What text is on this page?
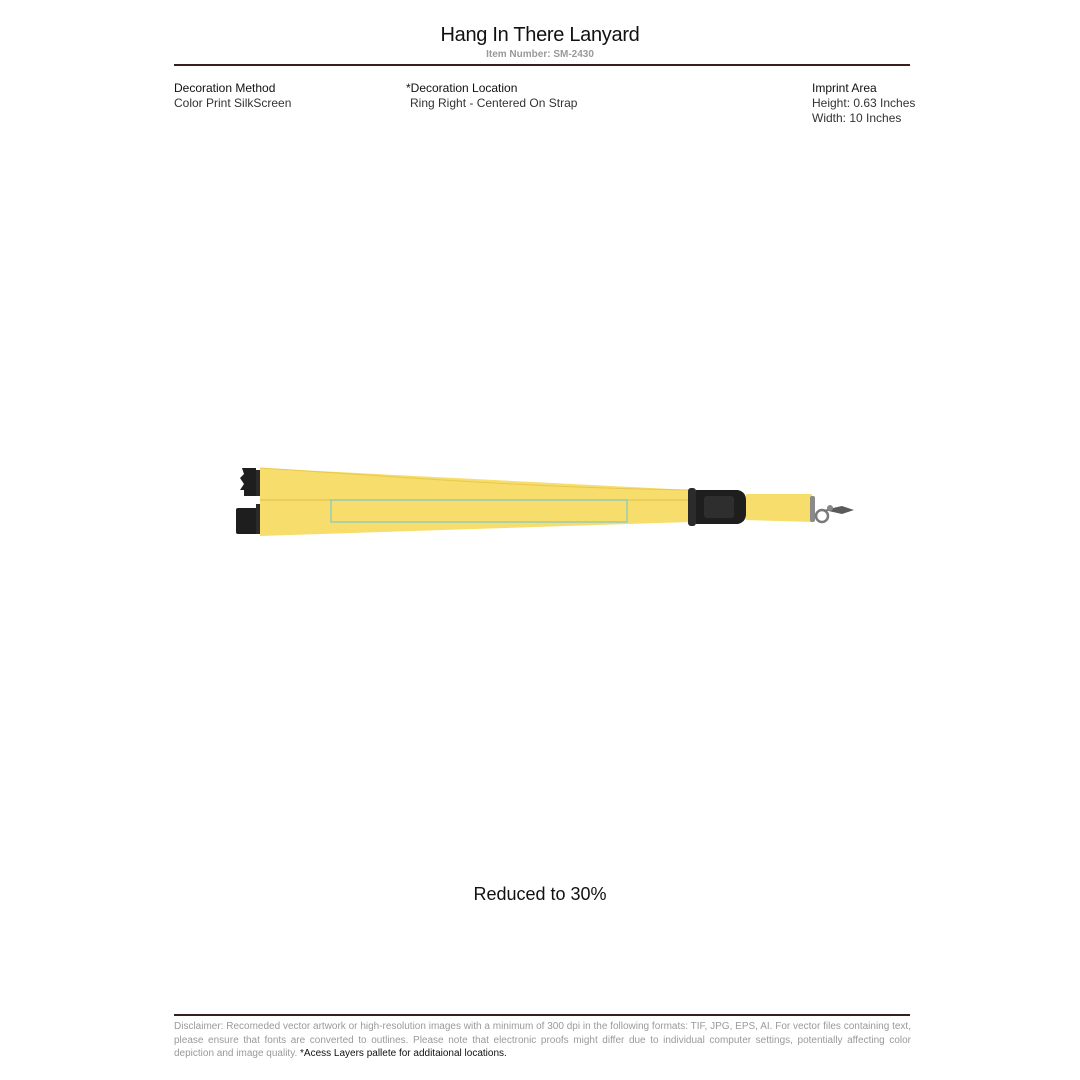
Hang In There Lanyard
Item Number: SM-2430
Decoration Method
Color Print SilkScreen
*Decoration Location
Ring Right - Centered On Strap
Imprint Area
Height: 0.63 Inches
Width: 10 Inches
Reduced to 30%
Disclaimer: Recomeded vector artwork or high-resolution images with a minimum of 300 dpi in the following formats: TIF, JPG, EPS, AI. For vector files containing text, please ensure that fonts are converted to outlines. Please note that electronic proofs might differ due to individual computer settings, potentially affecting color depiction and image quality. *Acess Layers pallete for additaional locations.
